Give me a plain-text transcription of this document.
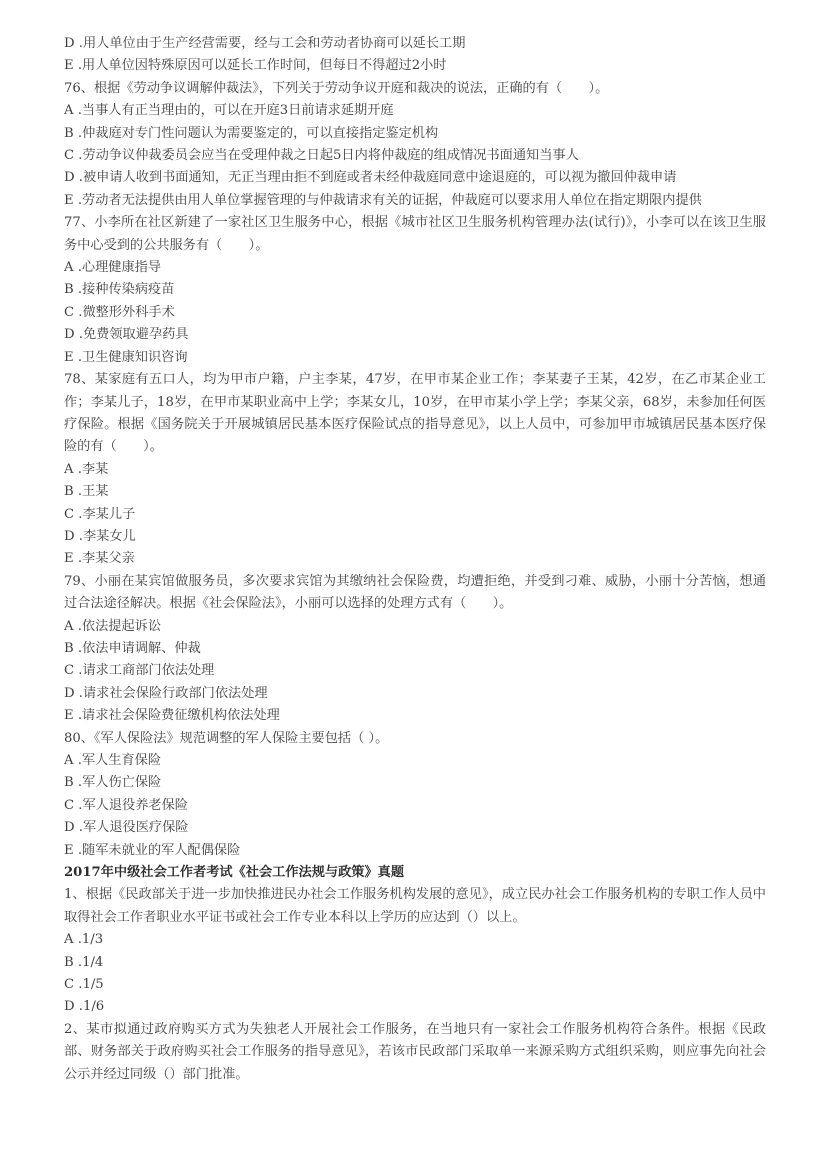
D .用人单位由于生产经营需要，经与工会和劳动者协商可以延长工期

E .用人单位因特殊原因可以延长工作时间，但每日不得超过2小时

76、根据《劳动争议调解仲裁法》，下列关于劳动争议开庭和裁决的说法，正确的有（　　）。

A .当事人有正当理由的，可以在开庭3日前请求延期开庭

B .仲裁庭对专门性问题认为需要鉴定的，可以直接指定鉴定机构

C .劳动争议仲裁委员会应当在受理仲裁之日起5日内将仲裁庭的组成情况书面通知当事人

D .被申请人收到书面通知，无正当理由拒不到庭或者未经仲裁庭同意中途退庭的，可以视为撤回仲裁申请

E .劳动者无法提供由用人单位掌握管理的与仲裁请求有关的证据，仲裁庭可以要求用人单位在指定期限内提供

77、小李所在社区新建了一家社区卫生服务中心，根据《城市社区卫生服务机构管理办法(试行)》，小李可以在该卫生服务中心受到的公共服务有（　　）。

A .心理健康指导

B .接种传染病疫苗

C .微整形外科手术

D .免费领取避孕药具

E .卫生健康知识咨询

78、某家庭有五口人，均为甲市户籍，户主李某，47岁，在甲市某企业工作；李某妻子王某，42岁，在乙市某企业工作；李某儿子，18岁，在甲市某职业高中上学；李某女儿，10岁，在甲市某小学上学；李某父亲，68岁，未参加任何医疗保险。根据《国务院关于开展城镇居民基本医疗保险试点的指导意见》，以上人员中，可参加甲市城镇居民基本医疗保险的有（　　）。

A .李某

B .王某

C .李某儿子

D .李某女儿

E .李某父亲

79、小丽在某宾馆做服务员，多次要求宾馆为其缴纳社会保险费，均遭拒绝，并受到刁难、威胁，小丽十分苦恼，想通过合法途径解决。根据《社会保险法》，小丽可以选择的处理方式有（　　）。

A .依法提起诉讼

B .依法申请调解、仲裁

C .请求工商部门依法处理

D .请求社会保险行政部门依法处理

E .请求社会保险费征缴机构依法处理

80、《军人保险法》规范调整的军人保险主要包括（ ）。

A .军人生育保险

B .军人伤亡保险

C .军人退役养老保险

D .军人退役医疗保险

E .随军未就业的军人配偶保险

2017年中级社会工作者考试《社会工作法规与政策》真题

1、根据《民政部关于进一步加快推进民办社会工作服务机构发展的意见》，成立民办社会工作服务机构的专职工作人员中取得社会工作者职业水平证书或社会工作专业本科以上学历的应达到（）以上。

A .1/3

B .1/4

C .1/5

D .1/6

2、某市拟通过政府购买方式为失独老人开展社会工作服务，在当地只有一家社会工作服务机构符合条件。根据《民政部、财务部关于政府购买社会工作服务的指导意见》，若该市民政部门采取单一来源采购方式组织采购，则应事先向社会公示并经过同级（）部门批准。
